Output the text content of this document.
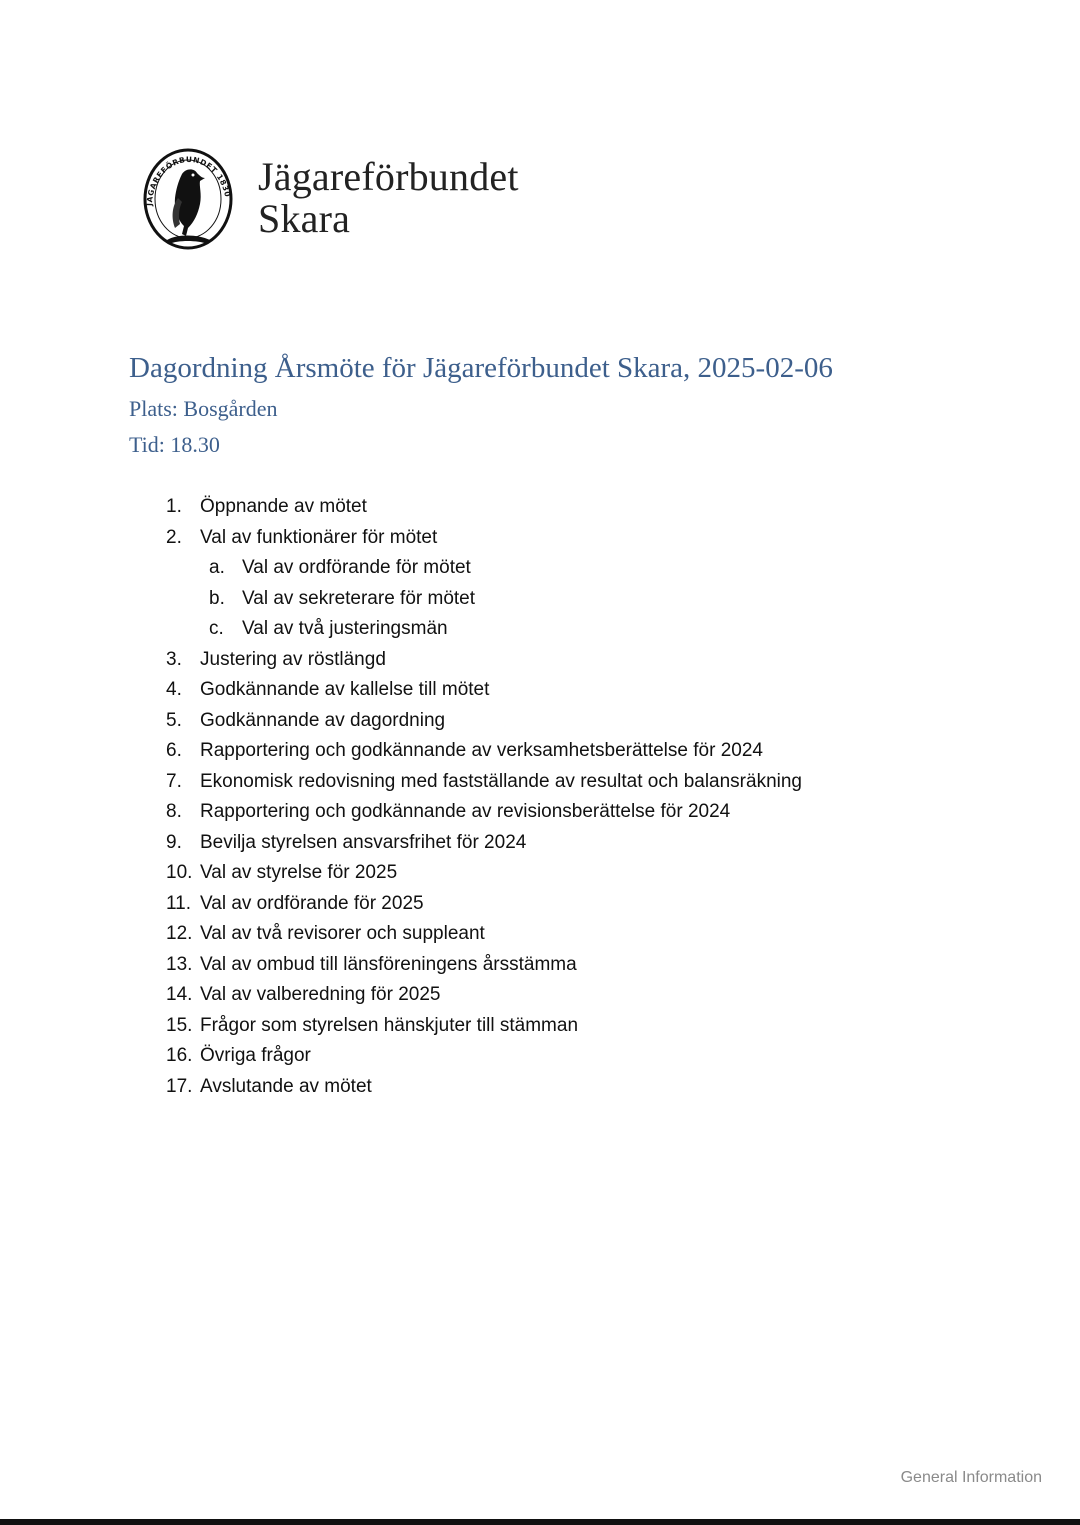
JÄGAREFÖRBUNDET 1830 Jägareförbundet
Skara
Dagordning Årsmöte för Jägareförbundet Skara, 2025-02-06
Plats: Bosgården
Tid: 18.30
1. Öppnande av mötet
2. Val av funktionärer för mötet
a. Val av ordförande för mötet
b. Val av sekreterare för mötet
c. Val av två justeringsmän
3. Justering av röstlängd
4. Godkännande av kallelse till mötet
5. Godkännande av dagordning
6. Rapportering och godkännande av verksamhetsberättelse för 2024
7. Ekonomisk redovisning med fastställande av resultat och balansräkning
8. Rapportering och godkännande av revisionsberättelse för 2024
9. Bevilja styrelsen ansvarsfrihet för 2024
10. Val av styrelse för 2025
11. Val av ordförande för 2025
12. Val av två revisorer och suppleant
13. Val av ombud till länsföreningens årsstämma
14. Val av valberedning för 2025
15. Frågor som styrelsen hänskjuter till stämman
16. Övriga frågor
17. Avslutande av mötet
General Information
